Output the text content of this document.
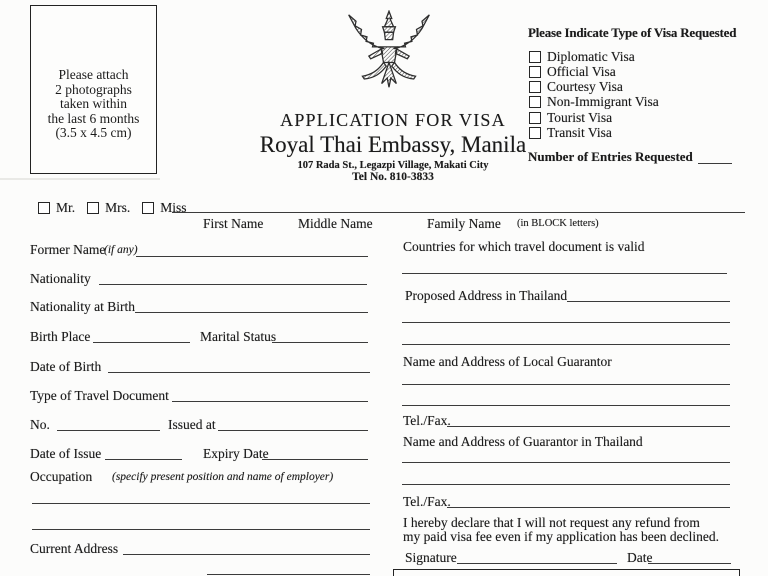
Please attach
2 photographs
taken within
the last 6 months
(3.5 x 4.5 cm)
APPLICATION FOR VISA
Royal Thai Embassy, Manila
107 Rada St., Legazpi Village, Makati City
Tel No. 810-3833
Please Indicate Type of Visa Requested
Diplomatic Visa
Official Visa
Courtesy Visa
Non-Immigrant Visa
Tourist Visa
Transit Visa
Number of Entries Requested
Mr. Mrs. Miss
First Name	Middle Name	Family Name (in BLOCK letters)
Former Name
(if any)
Nationality
Nationality at Birth
Birth Place	Marital Status
Date of Birth
Type of Travel Document
No.	Issued at
Date of Issue	Expiry Date
Occupation (specify present position and name of employer)
Current Address
Countries for which travel document is valid
Proposed Address in Thailand
Name and Address of Local Guarantor
Tel./Fax.
Name and Address of Guarantor in Thailand
Tel./Fax.
I hereby declare that I will not request any refund from
my paid visa fee even if my application has been declined.
Signature	Date
